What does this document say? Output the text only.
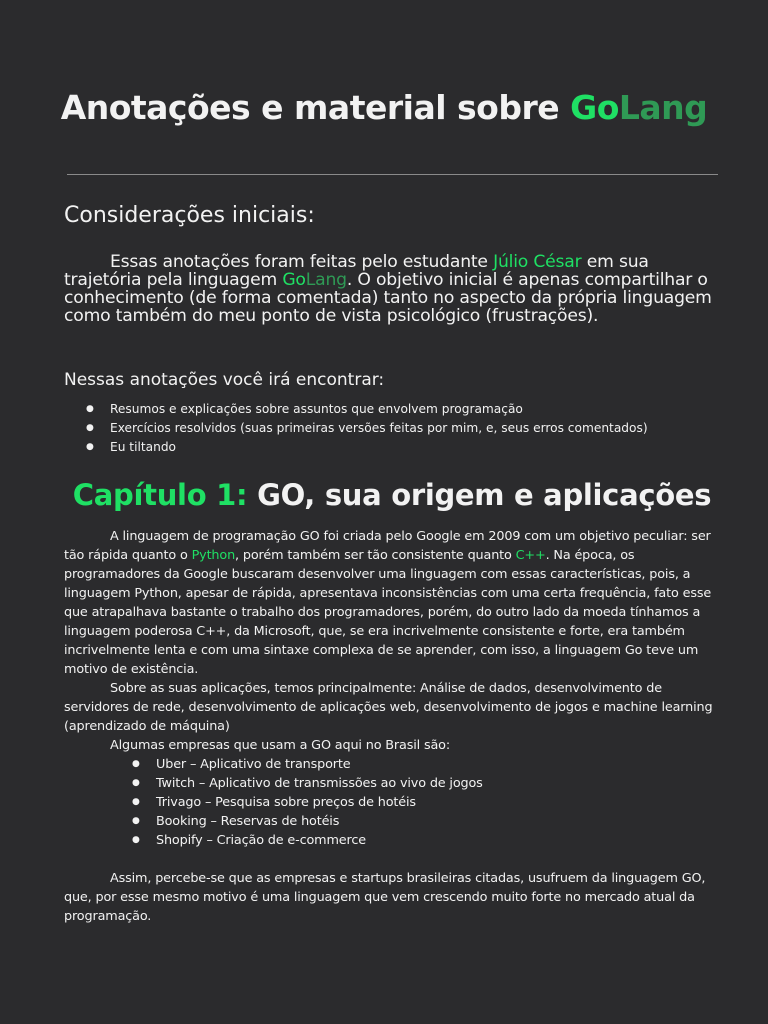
Anotações e material sobre GoLang
Considerações iniciais:

Essas anotações foram feitas pelo estudante Júlio César em sua trajetória pela linguagem GoLang. O objetivo inicial é apenas compartilhar o conhecimento (de forma comentada) tanto no aspecto da própria linguagem como também do meu ponto de vista psicológico (frustrações).

Nessas anotações você irá encontrar:

● Resumos e explicações sobre assuntos que envolvem programação
● Exercícios resolvidos (suas primeiras versões feitas por mim, e, seus erros comentados)
● Eu tiltando
Capítulo 1: GO, sua origem e aplicações

A linguagem de programação GO foi criada pelo Google em 2009 com um objetivo peculiar: ser tão rápida quanto o Python, porém também ser tão consistente quanto C++. Na época, os programadores da Google buscaram desenvolver uma linguagem com essas características, pois, a linguagem Python, apesar de rápida, apresentava inconsistências com uma certa frequência, fato esse que atrapalhava bastante o trabalho dos programadores, porém, do outro lado da moeda tínhamos a linguagem poderosa C++, da Microsoft, que, se era incrivelmente consistente e forte, era também incrivelmente lenta e com uma sintaxe complexa de se aprender, com isso, a linguagem Go teve um motivo de existência.

Sobre as suas aplicações, temos principalmente: Análise de dados, desenvolvimento de servidores de rede, desenvolvimento de aplicações web, desenvolvimento de jogos e machine learning (aprendizado de máquina)

Algumas empresas que usam a GO aqui no Brasil são:

● Uber – Aplicativo de transporte
● Twitch – Aplicativo de transmissões ao vivo de jogos
● Trivago – Pesquisa sobre preços de hotéis
● Booking – Reservas de hotéis
● Shopify – Criação de e-commerce

Assim, percebe-se que as empresas e startups brasileiras citadas, usufruem da linguagem GO, que, por esse mesmo motivo é uma linguagem que vem crescendo muito forte no mercado atual da programação.
